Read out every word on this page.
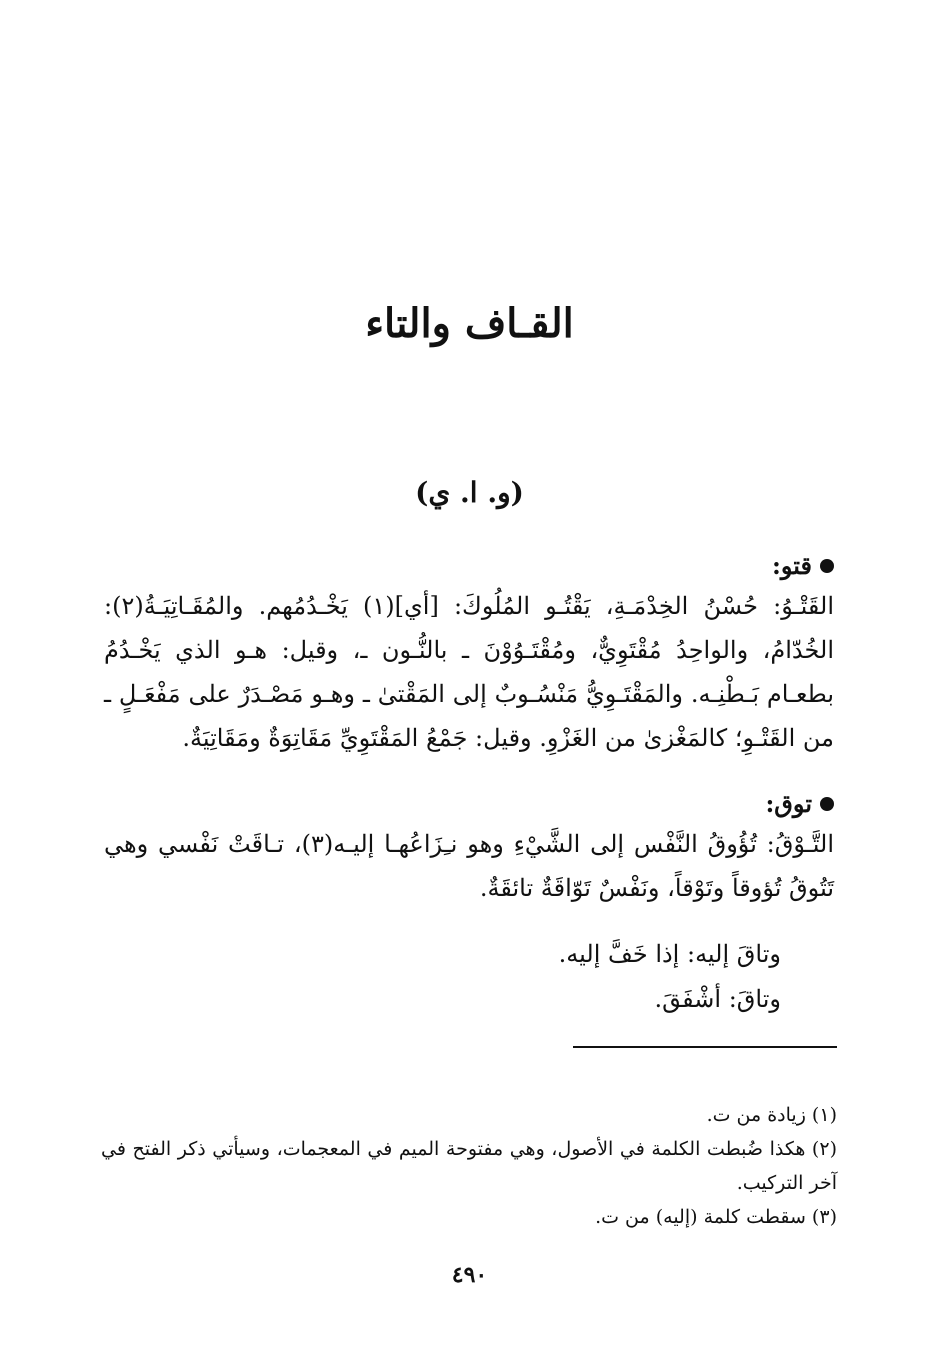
القـاف والتاء
(و. ا. ي)
قتو:
القَتْـوُ: حُسْنُ الخِدْمَـةِ، يَقْتُـو المُلُوكَ: [أي](١) يَخْـدُمُهم. والمُقَـاتِيَـةُ(٢): الخُدّامُ، والواحِدُ مُقْتَوِيٌّ، ومُقْتَـوُوْنَ ـ بالنُّـون ـ، وقيل: هـو الذي يَخْـدُمُ بطعـام بَـطْنِـه. والمَقْتَـوِيُّ مَنْسُـوبٌ إلى المَقْتىٰ ـ وهـو مَصْـدَرٌ على مَفْعَـلٍ ـ من القَتْـوِ؛ كالمَغْزىٰ من الغَزْوِ. وقيل: جَمْعُ المَقْتَوِيِّ مَقَاتِوَةٌ ومَقَاتِيَةٌ.
توق:
التَّـوْقُ: تُؤُوقُ النَّفْس إلى الشَّيْءِ وهو نـِزَاعُهـا إليـه(٣)، تـاقَتْ نَفْسي وهي تَتُوقُ تُؤوقاً وتَوْقاً، ونَفْسٌ تَوّاقَةٌ تائقَةٌ.
وتاقَ إليه: إذا خَفَّ إليه.
وتاقَ: أشْفَقَ.

(١) زيادة من ت.

(٢) هكذا ضُبطت الكلمة في الأصول، وهي مفتوحة الميم في المعجمات، وسيأتي ذكر الفتح في آخر التركيب.

(٣) سقطت كلمة (إليه) من ت.

٤٩٠
